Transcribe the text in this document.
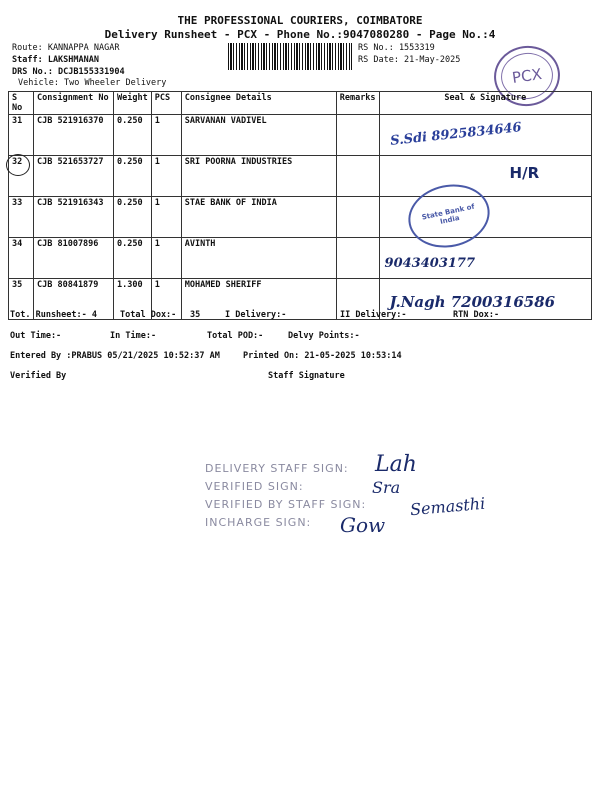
THE PROFESSIONAL COURIERS, COIMBATORE
Delivery Runsheet - PCX - Phone No.:9047080280 - Page No.:4
Route: KANNAPPA NAGAR
Staff: LAKSHMANAN
DRS No.: DCJB155331904
Vehicle: Two Wheeler Delivery
RS No.: 1553319
RS Date: 21-May-2025
PCX
S No	Consignment No	Weight	PCS	Consignee Details	Remarks	Seal & Signature
31	CJB 521916370	0.250	1	SARVANAN VADIVEL		S.Sdi 8925834646

32	CJB 521653727	0.250	1	SRI POORNA INDUSTRIES		H/R

33	CJB 521916343	0.250	1	STAE BANK OF INDIA		State Bank of India

34	CJB 81007896	0.250	1	AVINTH		9043403177

35	CJB 80841879	1.300	1	MOHAMED SHERIFF		J.Nagh 7200316586
Tot. Runsheet:- 4	Total Dox:- 35	I Delivery:-	II Delivery:-	RTN Dox:-
Out Time:-	In Time:-	Total POD:-	Delvy Points:-
Entered By :PRABUS 05/21/2025 10:52:37 AM	Printed On: 21-05-2025 10:53:14
Verified By	Staff Signature
DELIVERY STAFF SIGN:
VERIFIED SIGN:
VERIFIED BY STAFF SIGN:
INCHARGE SIGN:
Lah
Sra
Semasthi
Gow
